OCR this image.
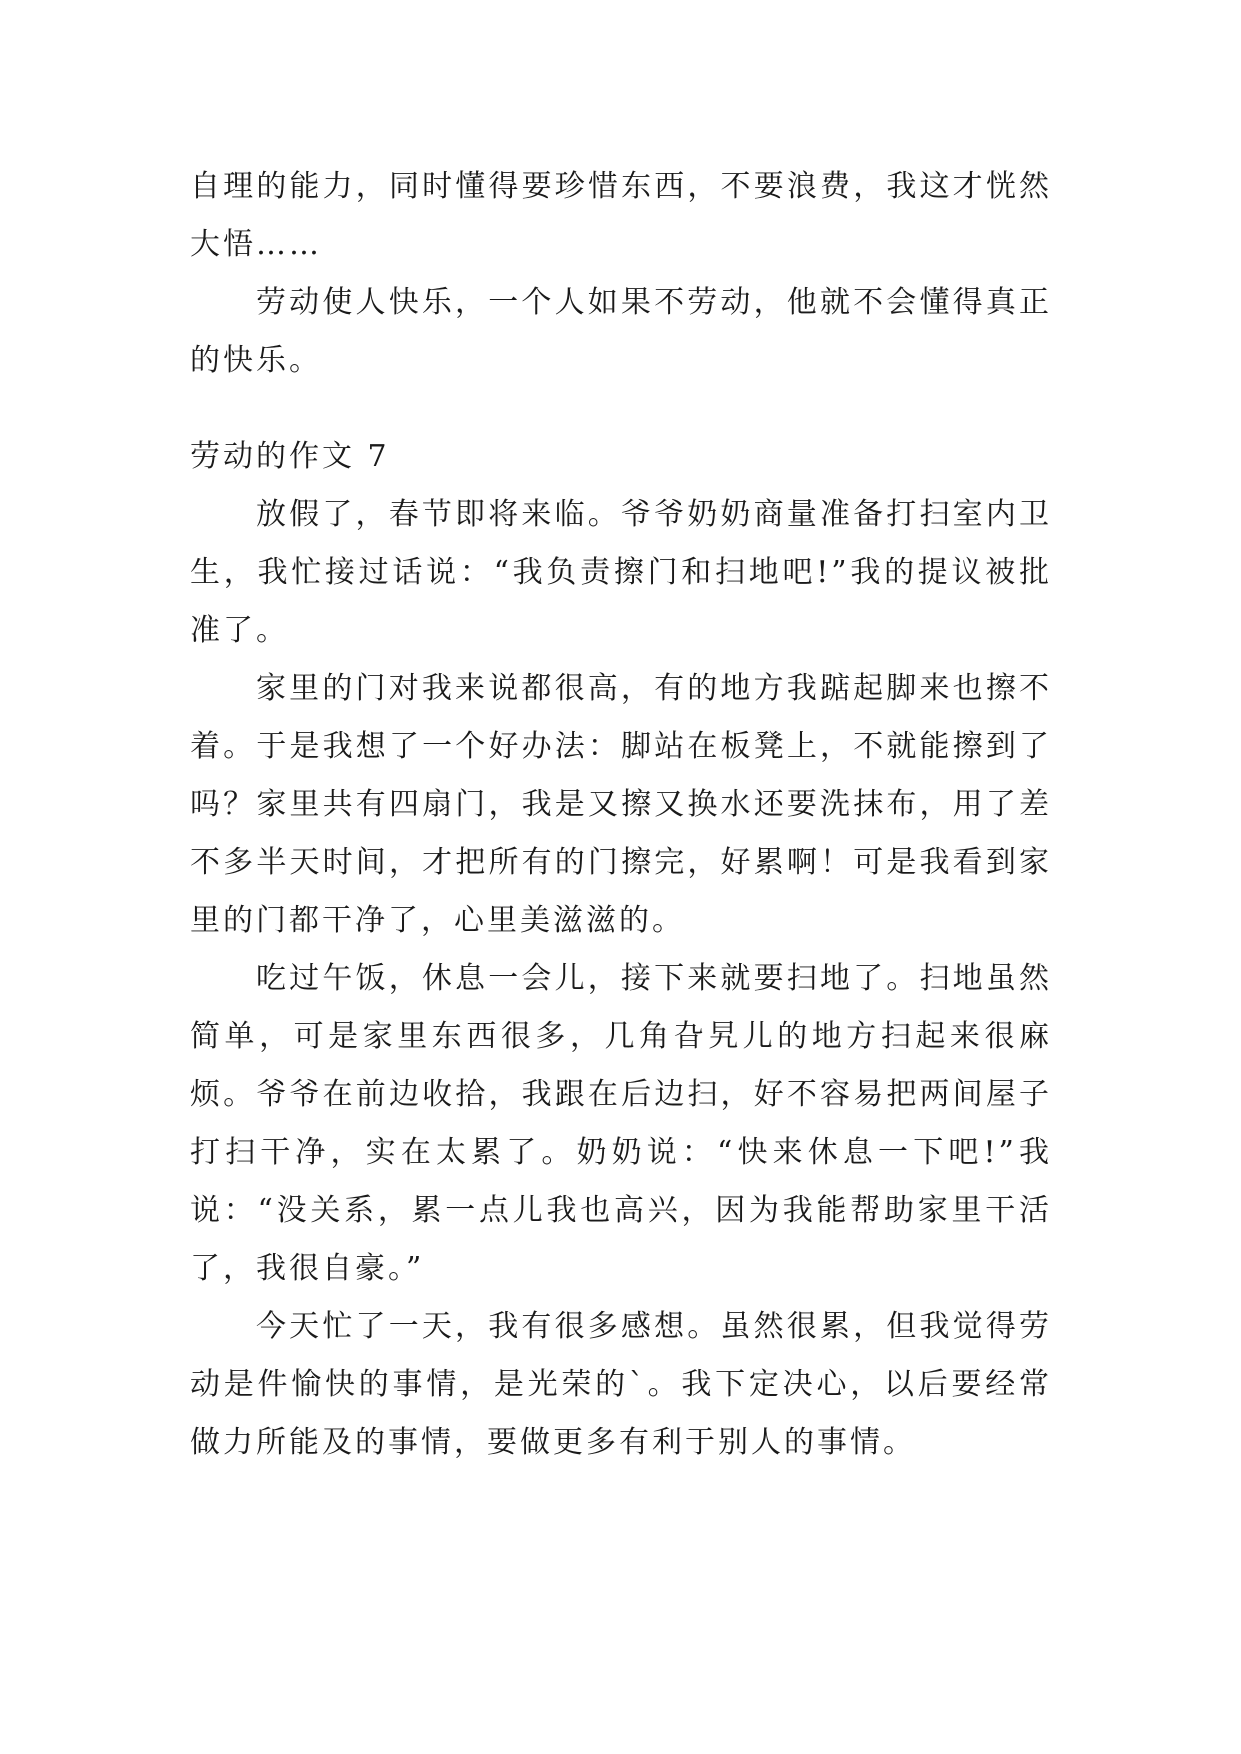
自理的能力，同时懂得要珍惜东西，不要浪费，我这才恍然大悟……

劳动使人快乐，一个人如果不劳动，他就不会懂得真正的快乐。

劳动的作文 7

放假了，春节即将来临。爷爷奶奶商量准备打扫室内卫生，我忙接过话说：“我负责擦门和扫地吧!”我的提议被批准了。

家里的门对我来说都很高，有的地方我踮起脚来也擦不着。于是我想了一个好办法：脚站在板凳上，不就能擦到了吗？家里共有四扇门，我是又擦又换水还要洗抹布，用了差不多半天时间，才把所有的门擦完，好累啊！可是我看到家里的门都干净了，心里美滋滋的。

吃过午饭，休息一会儿，接下来就要扫地了。扫地虽然简单，可是家里东西很多，几角旮旯儿的地方扫起来很麻烦。爷爷在前边收拾，我跟在后边扫，好不容易把两间屋子打扫干净，实在太累了。奶奶说：“快来休息一下吧!”我说：“没关系，累一点儿我也高兴，因为我能帮助家里干活了，我很自豪。”

今天忙了一天，我有很多感想。虽然很累，但我觉得劳动是件愉快的事情，是光荣的`。我下定决心，以后要经常做力所能及的事情，要做更多有利于别人的事情。
